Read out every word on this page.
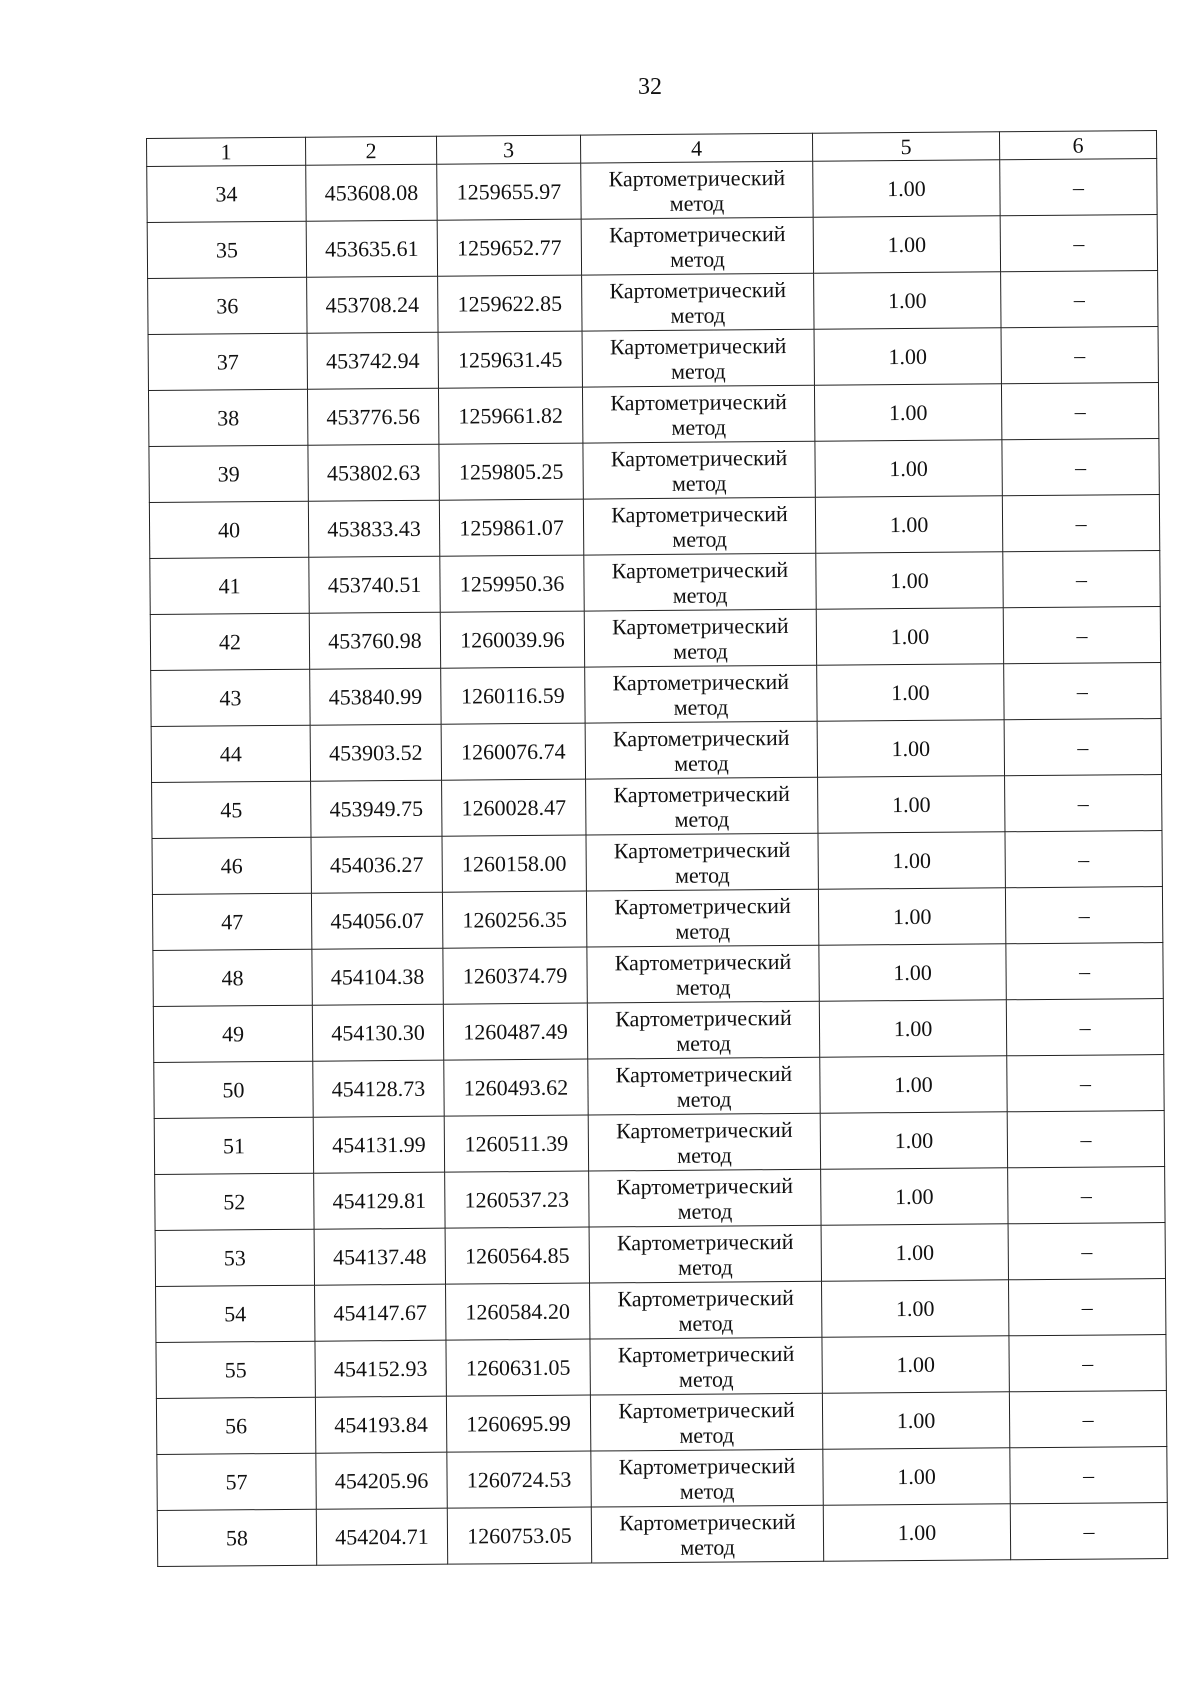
32
1	2	3	4	5	6
34	453608.08	1259655.97	Картометрический
метод	1.00	–
35	453635.61	1259652.77	Картометрический
метод	1.00	–
36	453708.24	1259622.85	Картометрический
метод	1.00	–
37	453742.94	1259631.45	Картометрический
метод	1.00	–
38	453776.56	1259661.82	Картометрический
метод	1.00	–
39	453802.63	1259805.25	Картометрический
метод	1.00	–
40	453833.43	1259861.07	Картометрический
метод	1.00	–
41	453740.51	1259950.36	Картометрический
метод	1.00	–
42	453760.98	1260039.96	Картометрический
метод	1.00	–
43	453840.99	1260116.59	Картометрический
метод	1.00	–
44	453903.52	1260076.74	Картометрический
метод	1.00	–
45	453949.75	1260028.47	Картометрический
метод	1.00	–
46	454036.27	1260158.00	Картометрический
метод	1.00	–
47	454056.07	1260256.35	Картометрический
метод	1.00	–
48	454104.38	1260374.79	Картометрический
метод	1.00	–
49	454130.30	1260487.49	Картометрический
метод	1.00	–
50	454128.73	1260493.62	Картометрический
метод	1.00	–
51	454131.99	1260511.39	Картометрический
метод	1.00	–
52	454129.81	1260537.23	Картометрический
метод	1.00	–
53	454137.48	1260564.85	Картометрический
метод	1.00	–
54	454147.67	1260584.20	Картометрический
метод	1.00	–
55	454152.93	1260631.05	Картометрический
метод	1.00	–
56	454193.84	1260695.99	Картометрический
метод	1.00	–
57	454205.96	1260724.53	Картометрический
метод	1.00	–
58	454204.71	1260753.05	Картометрический
метод	1.00	–
